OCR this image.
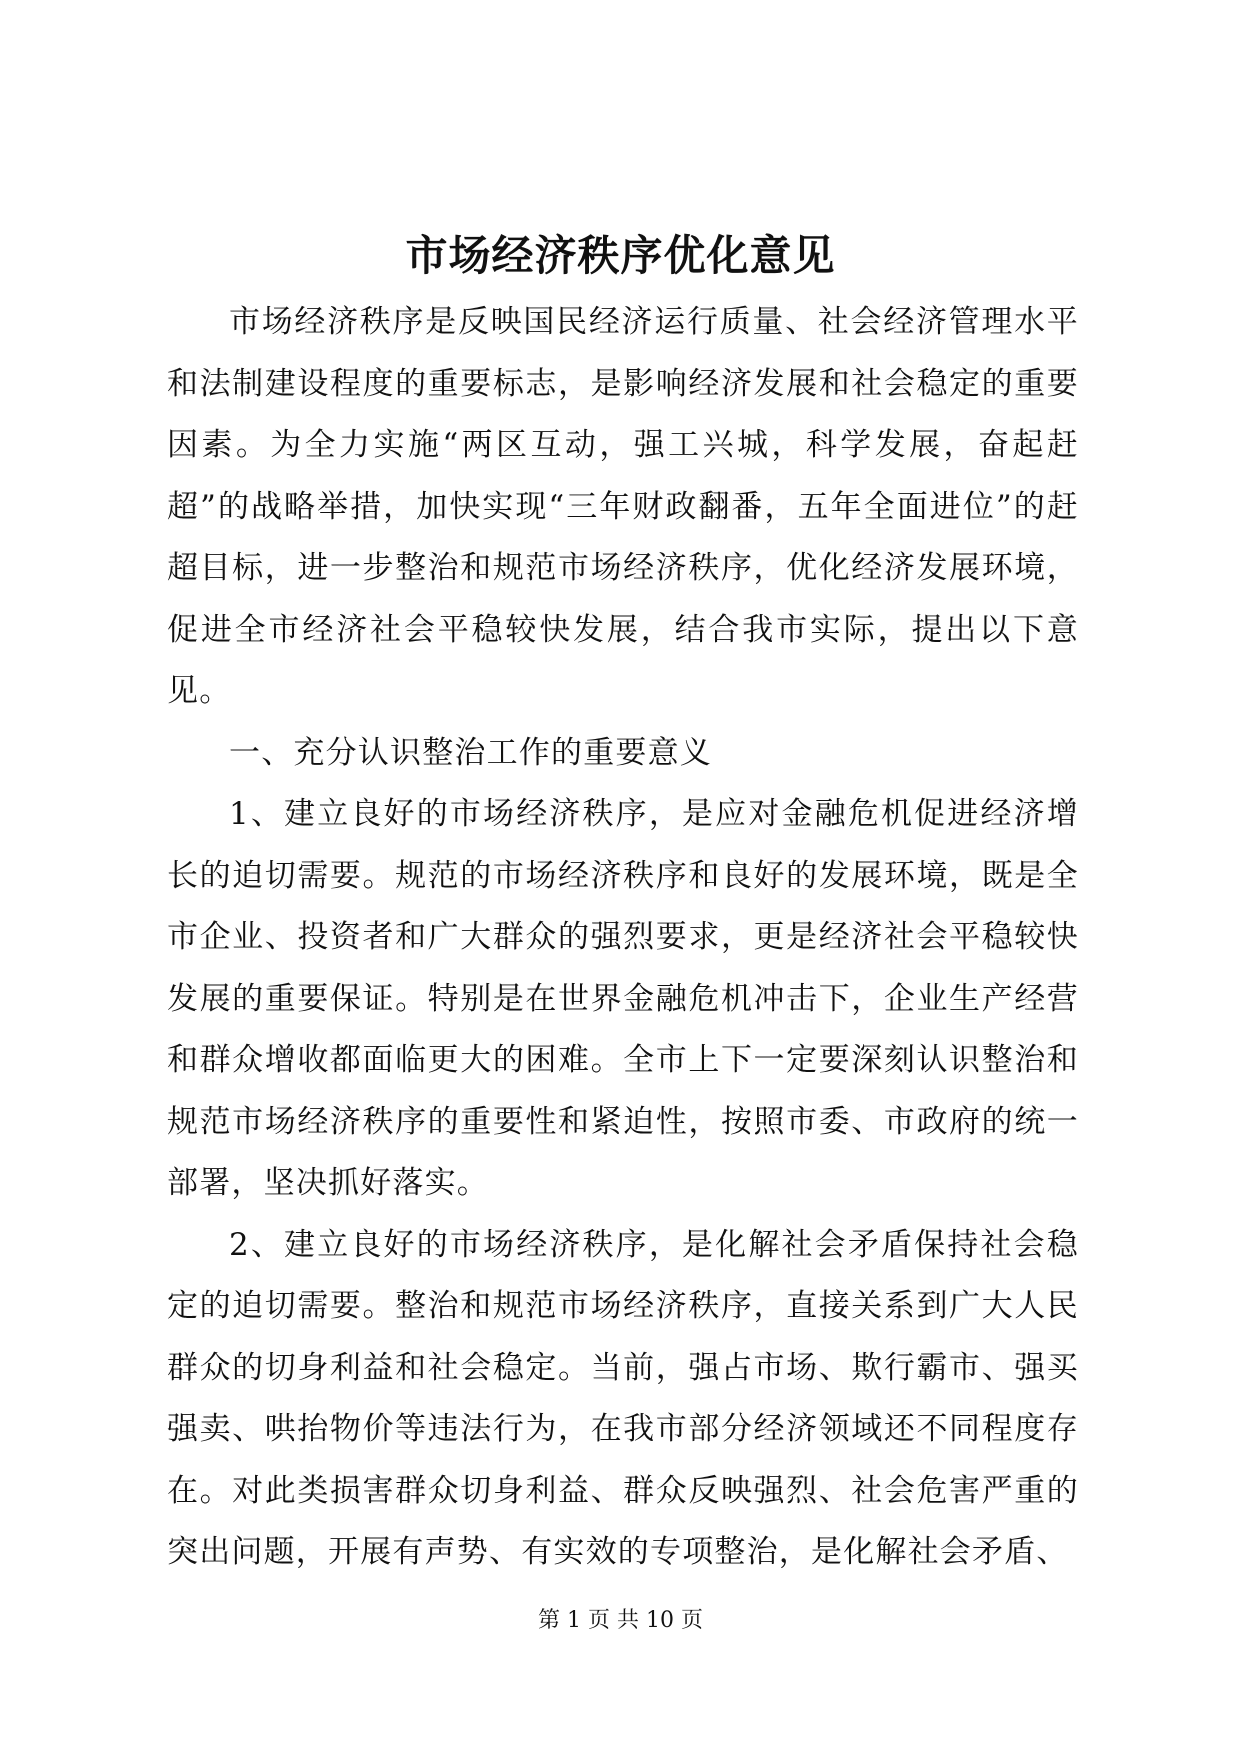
市场经济秩序优化意见

市场经济秩序是反映国民经济运行质量、社会经济管理水平和法制建设程度的重要标志，是影响经济发展和社会稳定的重要因素。为全力实施“两区互动，强工兴城，科学发展，奋起赶超”的战略举措，加快实现“三年财政翻番，五年全面进位”的赶超目标，进一步整治和规范市场经济秩序，优化经济发展环境，促进全市经济社会平稳较快发展，结合我市实际，提出以下意见。

一、充分认识整治工作的重要意义

1、建立良好的市场经济秩序，是应对金融危机促进经济增长的迫切需要。规范的市场经济秩序和良好的发展环境，既是全市企业、投资者和广大群众的强烈要求，更是经济社会平稳较快发展的重要保证。特别是在世界金融危机冲击下，企业生产经营和群众增收都面临更大的困难。全市上下一定要深刻认识整治和规范市场经济秩序的重要性和紧迫性，按照市委、市政府的统一部署，坚决抓好落实。

2、建立良好的市场经济秩序，是化解社会矛盾保持社会稳定的迫切需要。整治和规范市场经济秩序，直接关系到广大人民群众的切身利益和社会稳定。当前，强占市场、欺行霸市、强买强卖、哄抬物价等违法行为，在我市部分经济领域还不同程度存在。对此类损害群众切身利益、群众反映强烈、社会危害严重的突出问题，开展有声势、有实效的专项整治，是化解社会矛盾、

第 1 页 共 10 页
